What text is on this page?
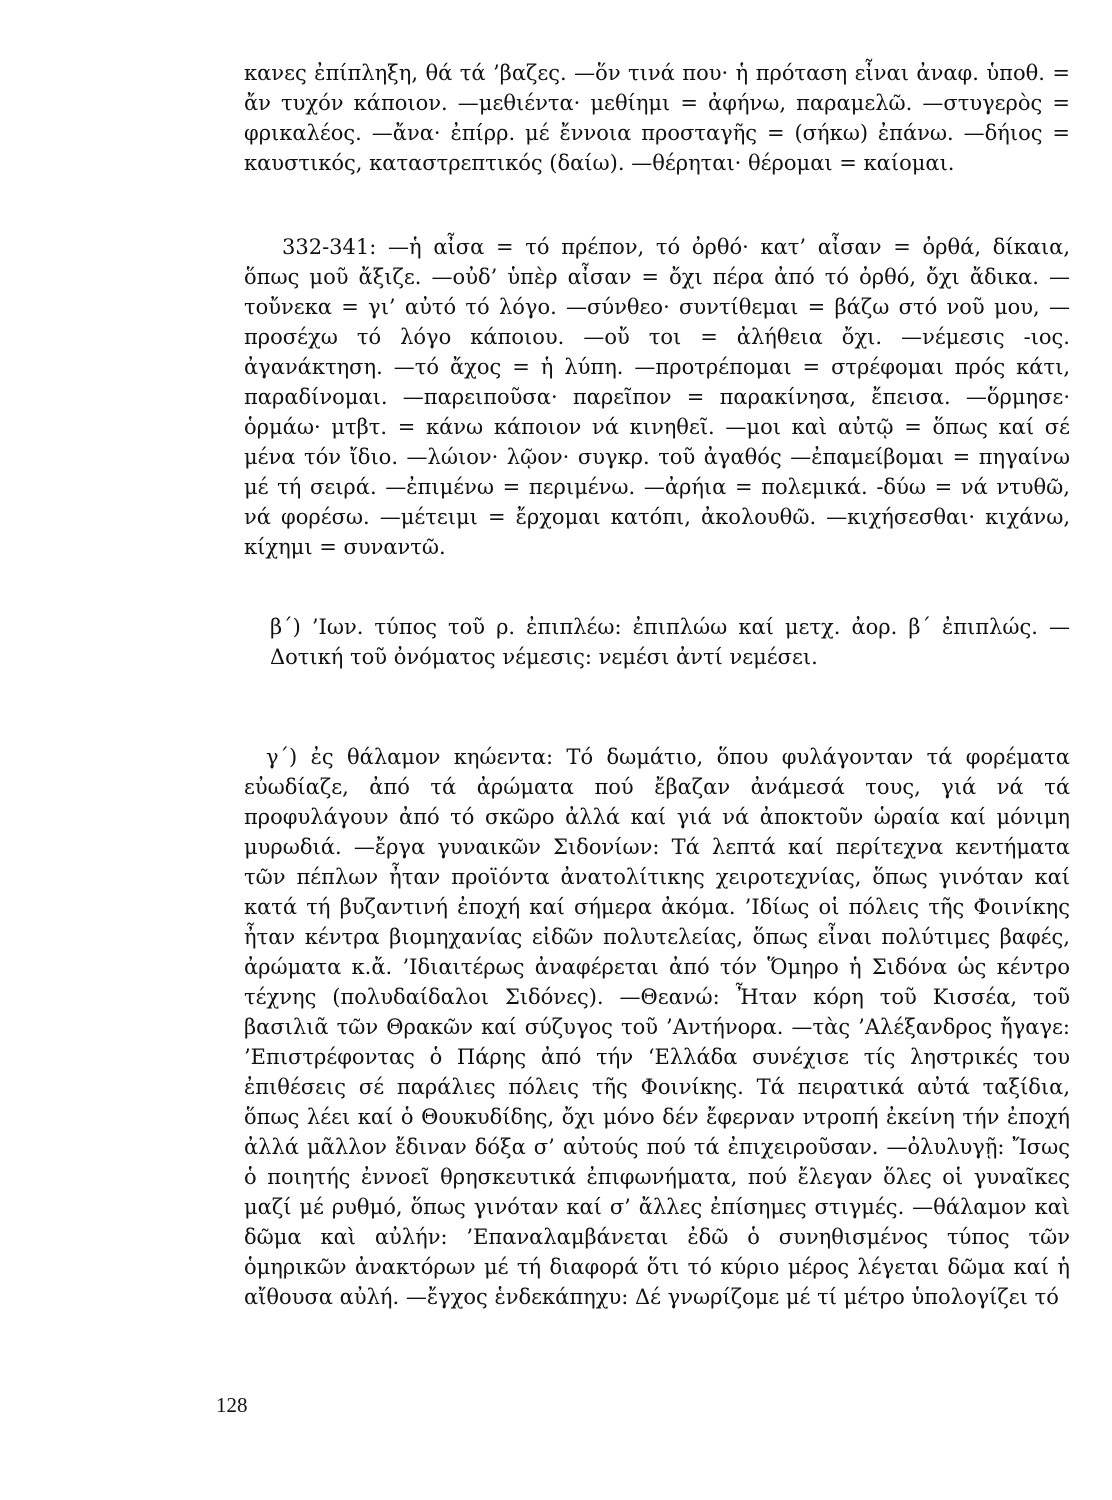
κανες ἐπίπληξη, θά τά ’βαζες. —ὅν τινά που· ἡ πρόταση εἶναι ἀναφ. ὑποθ. = ἄν τυχόν κάποιον. —μεθιέντα· μεθίημι = ἀφήνω, παραμελῶ. —στυγερὸς = φρικαλέος. —ἄνα· ἐπίρρ. μέ ἔννοια προσταγῆς = (σήκω) ἐπάνω. —δήιος = καυστικός, καταστρεπτικός (δαίω). —θέρηται· θέρομαι = καίομαι.

332-341: —ἡ αἶσα = τό πρέπον, τό ὀρθό· κατ’ αἶσαν = ὀρθά, δίκαια, ὅπως μοῦ ἄξιζε. —οὐδ’ ὑπὲρ αἶσαν = ὄχι πέρα ἀπό τό ὀρθό, ὄχι ἄδικα. —τοὔνεκα = γι’ αὐτό τό λόγο. —σύνθεο· συντίθεμαι = βάζω στό νοῦ μου, —προσέχω τό λόγο κάποιου. —οὔ τοι = ἀλήθεια ὄχι. —νέμεσις -ιος. ἀγανάκτηση. —τό ἄχος = ἡ λύπη. —προτρέπομαι = στρέφομαι πρός κάτι, παραδίνομαι. —παρειποῦσα· παρεῖπον = παρακίνησα, ἔπεισα. —ὅρμησε· ὁρμάω· μτβτ. = κάνω κάποιον νά κινηθεῖ. —μοι καὶ αὐτῷ = ὅπως καί σέ μένα τόν ἴδιο. —λώιον· λῷον· συγκρ. τοῦ ἀγαθός —ἐπαμείβομαι = πηγαίνω μέ τή σειρά. —ἐπιμένω = περιμένω. —ἀρήια = πολεμικά. -δύω = νά ντυθῶ, νά φορέσω. —μέτειμι = ἔρχομαι κατόπι, ἀκολουθῶ. —κιχήσεσθαι· κιχάνω, κίχημι = συναντῶ.

β΄) ’Ιων. τύπος τοῦ ρ. ἐπιπλέω: ἐπιπλώω καί μετχ. ἀορ. β΄ ἐπιπλώς. —Δοτική τοῦ ὀνόματος νέμεσις: νεμέσι ἀντί νεμέσει.

γ΄) ἐς θάλαμον κηώεντα: Τό δωμάτιο, ὅπου φυλάγονταν τά φορέματα εὐωδίαζε, ἀπό τά ἀρώματα πού ἔβαζαν ἀνάμεσά τους, γιά νά τά προφυλάγουν ἀπό τό σκῶρο ἀλλά καί γιά νά ἀποκτοῦν ὡραία καί μόνιμη μυρωδιά. —ἔργα γυναικῶν Σιδονίων: Τά λεπτά καί περίτεχνα κεντήματα τῶν πέπλων ἦταν προϊόντα ἀνατολίτικης χειροτεχνίας, ὅπως γινόταν καί κατά τή βυζαντινή ἐποχή καί σήμερα ἀκόμα. ’Ιδίως οἱ πόλεις τῆς Φοινίκης ἦταν κέντρα βιομηχανίας εἰδῶν πολυτελείας, ὅπως εἶναι πολύτιμες βαφές, ἀρώματα κ.ἄ. ’Ιδιαιτέρως ἀναφέρεται ἀπό τόν Ὅμηρο ἡ Σιδόνα ὡς κέντρο τέχνης (πολυδαίδαλοι Σιδόνες). —Θεανώ: Ἦταν κόρη τοῦ Κισσέα, τοῦ βασιλιᾶ τῶν Θρακῶν καί σύζυγος τοῦ ’Αντήνορα. —τὰς ’Αλέξανδρος ἤγαγε: ’Επιστρέφοντας ὁ Πάρης ἀπό τήν ‘Ελλάδα συνέχισε τίς ληστρικές του ἐπιθέσεις σέ παράλιες πόλεις τῆς Φοινίκης. Τά πειρατικά αὐτά ταξίδια, ὅπως λέει καί ὁ Θουκυδίδης, ὄχι μόνο δέν ἔφερναν ντροπή ἐκείνη τήν ἐποχή ἀλλά μᾶλλον ἔδιναν δόξα σ’ αὐτούς πού τά ἐπιχειροῦσαν. —ὀλυλυγῇ: Ἴσως ὁ ποιητής ἐννοεῖ θρησκευτικά ἐπιφωνήματα, πού ἔλεγαν ὅλες οἱ γυναῖκες μαζί μέ ρυθμό, ὅπως γινόταν καί σ’ ἄλλες ἐπίσημες στιγμές. —θάλαμον καὶ δῶμα καὶ αὐλήν: ’Επαναλαμβάνεται ἐδῶ ὁ συνηθισμένος τύπος τῶν ὁμηρικῶν ἀνακτόρων μέ τή διαφορά ὅτι τό κύριο μέρος λέγεται δῶμα καί ἡ αἴθουσα αὐλή. —ἔγχος ἑνδεκάπηχυ: Δέ γνωρίζομε μέ τί μέτρο ὑπολογίζει τό

128
